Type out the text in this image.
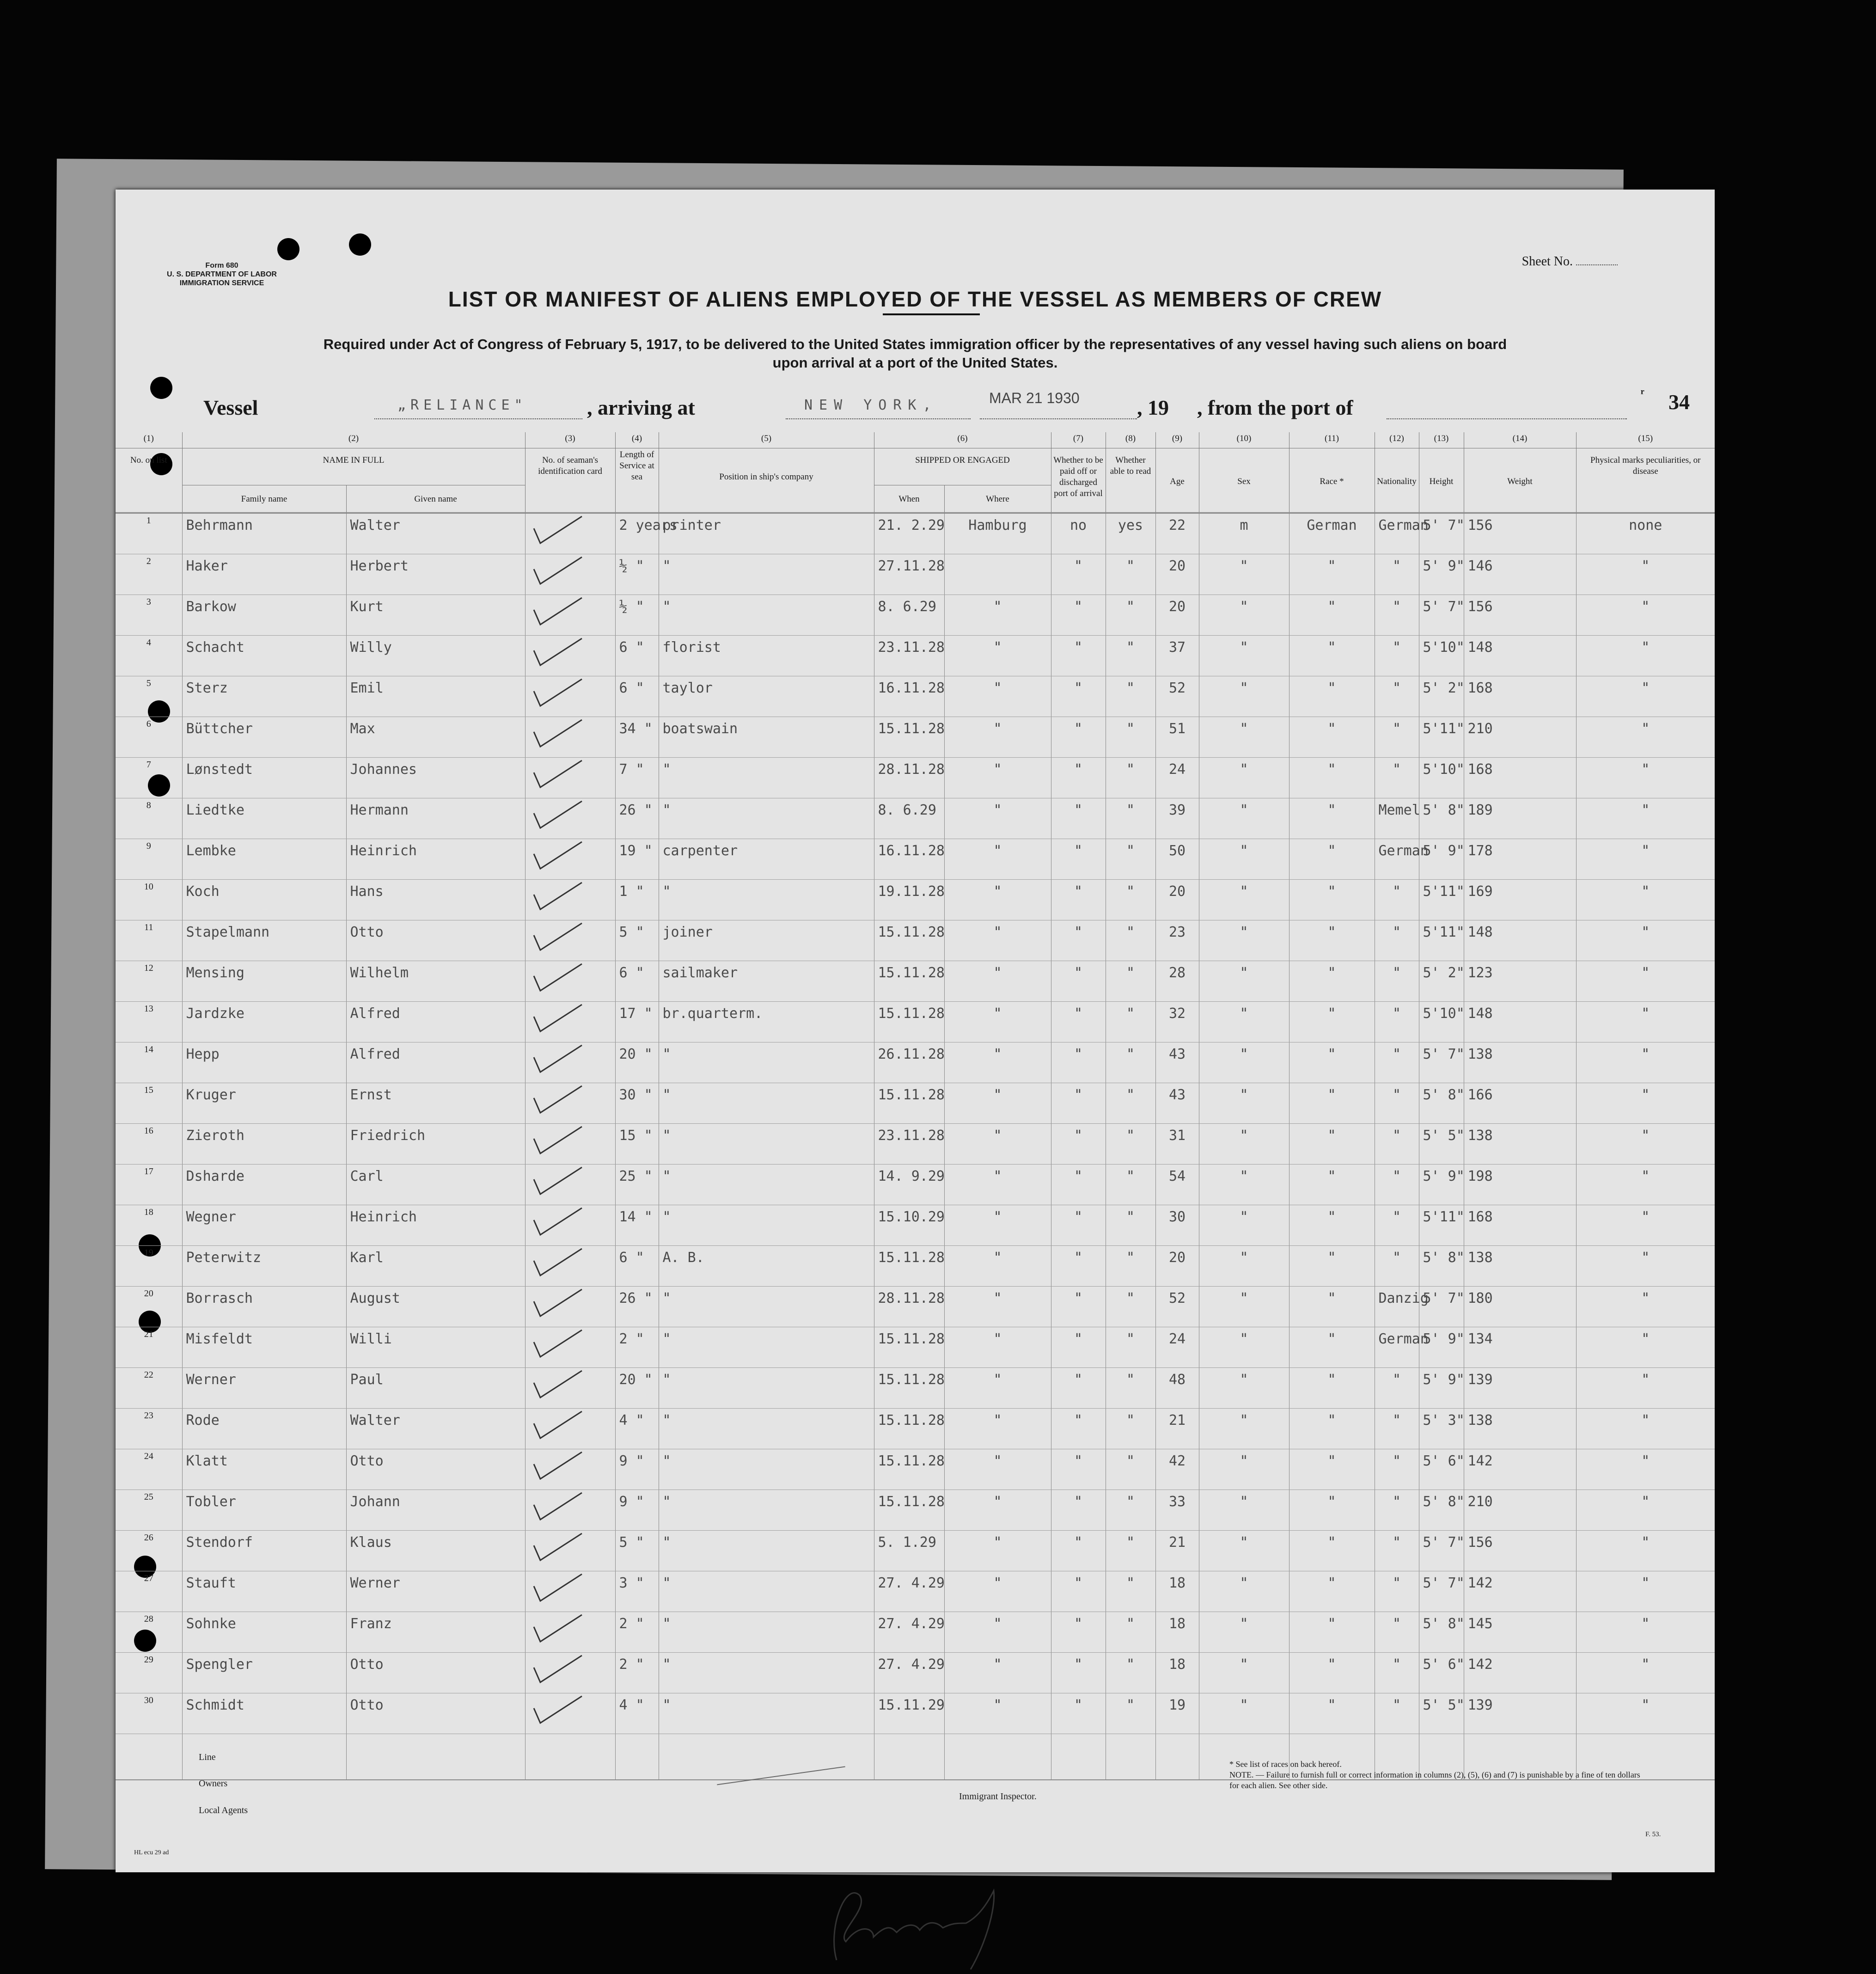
Form 680
U. S. DEPARTMENT OF LABOR
IMMIGRATION SERVICE
Sheet No.
LIST OR MANIFEST OF ALIENS EMPLOYED OF THE VESSEL AS MEMBERS OF CREW
Required under Act of Congress of February 5, 1917, to be delivered to the United States immigration officer by the representatives of any vessel having such aliens on board
upon arrival at a port of the United States.
Vessel	„RELIANCE"	, arriving at	NEW YORK,	MAR 21 1930	, 19 , from the port of
ʳ 34
(1)	(2)		(3)	(4)	(5)		(6)		(7)	(8)	(9)	(10)	(11)	(12)	(13)	(14)	(15)
No. on list	NAME IN FULL		No. of seaman's identification card	Length of Service at sea	Position in ship's company		SHIPPED OR ENGAGED		Whether to be paid off or discharged port of arrival	Whether able to read	Age	Sex	Race *	Nationality	Height	Weight	Physical marks peculiarities, or disease
	Family name	Given name					When	Where									
1	Behrmann	Walter		2 years	printer		21. 2.29	Hamburg	no	yes	22	m	German	German	5' 7"	156	none
2	Haker	Herbert		½ "	"		27.11.28		"	"	20	"	"	"	5' 9"	146	"
3	Barkow	Kurt		½ "	"		8. 6.29	"	"	"	20	"	"	"	5' 7"	156	"
4	Schacht	Willy		6 "	florist		23.11.28	"	"	"	37	"	"	"	5'10"	148	"
5	Sterz	Emil		6 "	taylor		16.11.28	"	"	"	52	"	"	"	5' 2"	168	"
6	Büttcher	Max		34 "	boatswain		15.11.28	"	"	"	51	"	"	"	5'11"	210	"
7	Lønstedt	Johannes		7 "	"		28.11.28	"	"	"	24	"	"	"	5'10"	168	"
8	Liedtke	Hermann		26 "	"		8. 6.29	"	"	"	39	"	"	Memel	5' 8"	189	"
9	Lembke	Heinrich		19 "	carpenter		16.11.28	"	"	"	50	"	"	German	5' 9"	178	"
10	Koch	Hans		1 "	"		19.11.28	"	"	"	20	"	"	"	5'11"	169	"
11	Stapelmann	Otto		5 "	joiner		15.11.28	"	"	"	23	"	"	"	5'11"	148	"
12	Mensing	Wilhelm		6 "	sailmaker		15.11.28	"	"	"	28	"	"	"	5' 2"	123	"
13	Jardzke	Alfred		17 "	br.quarterm.		15.11.28	"	"	"	32	"	"	"	5'10"	148	"
14	Hepp	Alfred		20 "	"		26.11.28	"	"	"	43	"	"	"	5' 7"	138	"
15	Kruger	Ernst		30 "	"		15.11.28	"	"	"	43	"	"	"	5' 8"	166	"
16	Zieroth	Friedrich		15 "	"		23.11.28	"	"	"	31	"	"	"	5' 5"	138	"
17	Dsharde	Carl		25 "	"		14. 9.29	"	"	"	54	"	"	"	5' 9"	198	"
18	Wegner	Heinrich		14 "	"		15.10.29	"	"	"	30	"	"	"	5'11"	168	"
19	Peterwitz	Karl		6 "	A. B.		15.11.28	"	"	"	20	"	"	"	5' 8"	138	"
20	Borrasch	August		26 "	"		28.11.28	"	"	"	52	"	"	Danzig	5' 7"	180	"
21	Misfeldt	Willi		2 "	"		15.11.28	"	"	"	24	"	"	German	5' 9"	134	"
22	Werner	Paul		20 "	"		15.11.28	"	"	"	48	"	"	"	5' 9"	139	"
23	Rode	Walter		4 "	"		15.11.28	"	"	"	21	"	"	"	5' 3"	138	"
24	Klatt	Otto		9 "	"		15.11.28	"	"	"	42	"	"	"	5' 6"	142	"
25	Tobler	Johann		9 "	"		15.11.28	"	"	"	33	"	"	"	5' 8"	210	"
26	Stendorf	Klaus		5 "	"		5. 1.29	"	"	"	21	"	"	"	5' 7"	156	"
27	Stauft	Werner		3 "	"		27. 4.29	"	"	"	18	"	"	"	5' 7"	142	"
28	Sohnke	Franz		2 "	"		27. 4.29	"	"	"	18	"	"	"	5' 8"	145	"
29	Spengler	Otto		2 "	"		27. 4.29	"	"	"	18	"	"	"	5' 6"	142	"
30	Schmidt	Otto		4 "	"		15.11.29	"	"	"	19	"	"	"	5' 5"	139	"

Line
Owners
Local Agents
Immigrant Inspector.
* See list of races on back hereof.
NOTE. — Failure to furnish full or correct information in columns (2), (5), (6) and (7) is punishable by a fine of ten dollars for each alien. See other side.
HL ecu 29 ad
F. 53.
